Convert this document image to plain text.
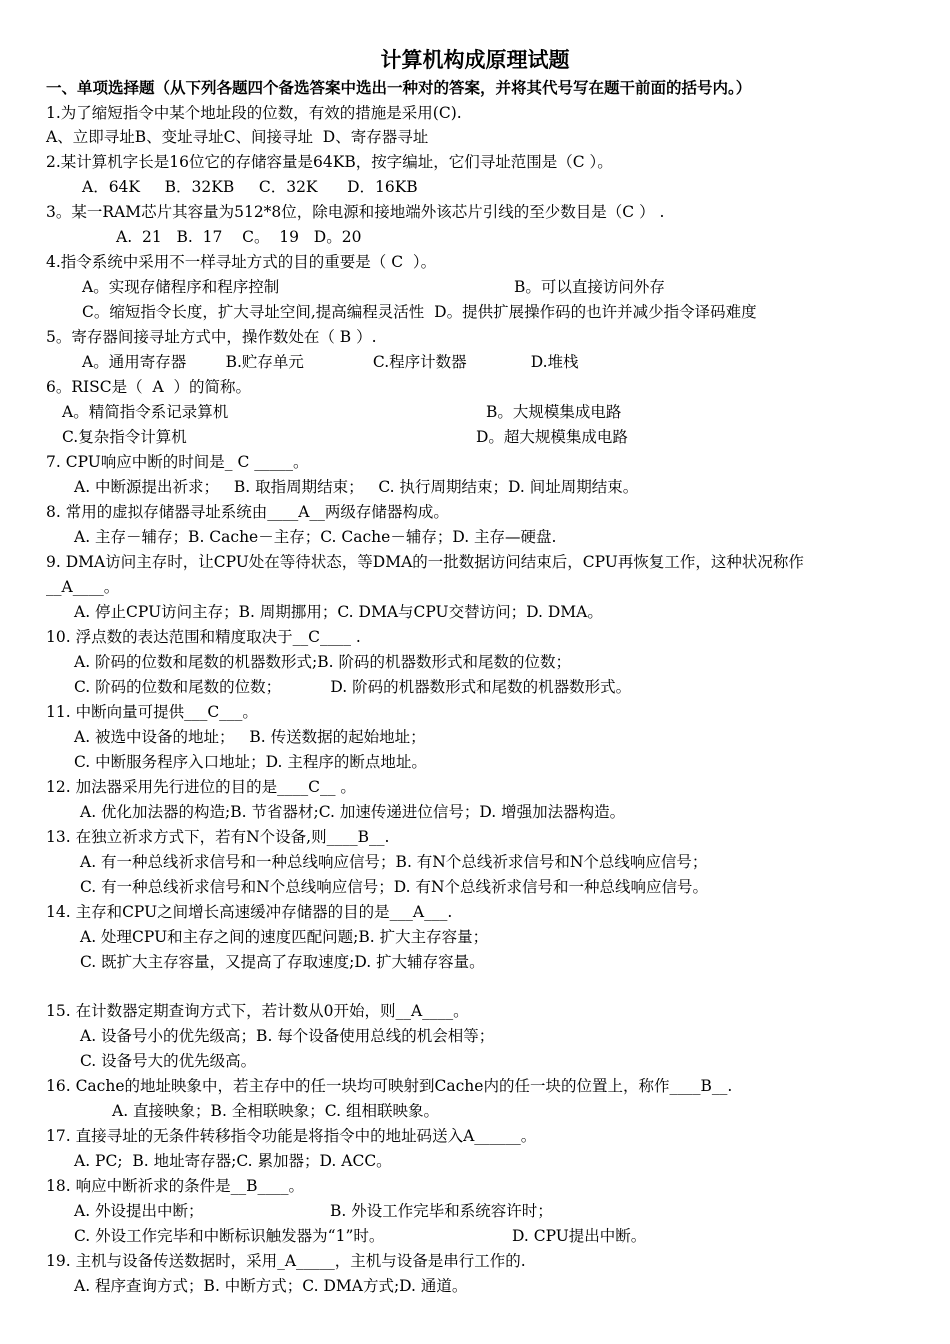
计算机构成原理试题
一、单项选择题（从下列各题四个备选答案中选出一种对的答案，并将其代号写在题干前面的括号内。）
1.为了缩短指令中某个地址段的位数，有效的措施是采用(C).
A、立即寻址B、变址寻址C、间接寻址  D、寄存器寻址
2.某计算机字长是16位它的存储容量是64KB，按字编址，它们寻址范围是（C ）。
A．64K     B．32KB     C．32K      D．16KB
3。某一RAM芯片其容量为512*8位，除电源和接地端外该芯片引线的至少数目是（C ） .
A.  21   B.  17    C。  19   D。20
4.指令系统中采用不一样寻址方式的目的重要是（ C  ）。
A。实现存储程序和程序控制	B。可以直接访问外存
C。缩短指令长度，扩大寻址空间,提高编程灵活性  D。提供扩展操作码的也许并减少指令译码难度
5。寄存器间接寻址方式中，操作数处在（ B ）.
A。通用寄存器        B.贮存单元              C.程序计数器             D.堆栈
6。RISC是（  A  ）的简称。
A。精简指令系记录算机	B。大规模集成电路
C.复杂指令计算机	D。超大规模集成电路
7. CPU响应中断的时间是_ C _____。
A. 中断源提出祈求；   B. 取指周期结束；   C. 执行周期结束；D. 间址周期结束。
8. 常用的虚拟存储器寻址系统由____A__两级存储器构成。
A. 主存－辅存；B. Cache－主存；C. Cache－辅存；D. 主存—硬盘.
9. DMA访问主存时，让CPU处在等待状态，等DMA的一批数据访问结束后，CPU再恢复工作，这种状况称作
__A____。
A. 停止CPU访问主存；B. 周期挪用；C. DMA与CPU交替访问；D. DMA。
10. 浮点数的表达范围和精度取决于__C____ .
A. 阶码的位数和尾数的机器数形式;B. 阶码的机器数形式和尾数的位数；
C. 阶码的位数和尾数的位数；          D. 阶码的机器数形式和尾数的机器数形式。
11. 中断向量可提供___C___。
A. 被选中设备的地址；   B. 传送数据的起始地址；
C. 中断服务程序入口地址；D. 主程序的断点地址。
12. 加法器采用先行进位的目的是____C__ 。
A. 优化加法器的构造;B. 节省器材;C. 加速传递进位信号；D. 增强加法器构造。
13. 在独立祈求方式下，若有N个设备,则____B__.
A. 有一种总线祈求信号和一种总线响应信号；B. 有N个总线祈求信号和N个总线响应信号；
C. 有一种总线祈求信号和N个总线响应信号；D. 有N个总线祈求信号和一种总线响应信号。
14. 主存和CPU之间增长高速缓冲存储器的目的是___A___.
A. 处理CPU和主存之间的速度匹配问题;B. 扩大主存容量；
C. 既扩大主存容量，又提高了存取速度;D. 扩大辅存容量。
15. 在计数器定期查询方式下，若计数从0开始，则__A____。
A. 设备号小的优先级高；B. 每个设备使用总线的机会相等；
C. 设备号大的优先级高。
16. Cache的地址映象中，若主存中的任一块均可映射到Cache内的任一块的位置上，称作____B__.
A. 直接映象；B. 全相联映象；C. 组相联映象。
17. 直接寻址的无条件转移指令功能是将指令中的地址码送入A______。
A. PC;  B. 地址寄存器;C. 累加器；D. ACC。
18. 响应中断祈求的条件是__B____。
A. 外设提出中断；	B. 外设工作完毕和系统容许时；
C. 外设工作完毕和中断标识触发器为“1”时。	D. CPU提出中断。
19. 主机与设备传送数据时，采用_A_____，主机与设备是串行工作的.
A. 程序查询方式；B. 中断方式；C. DMA方式;D. 通道。
